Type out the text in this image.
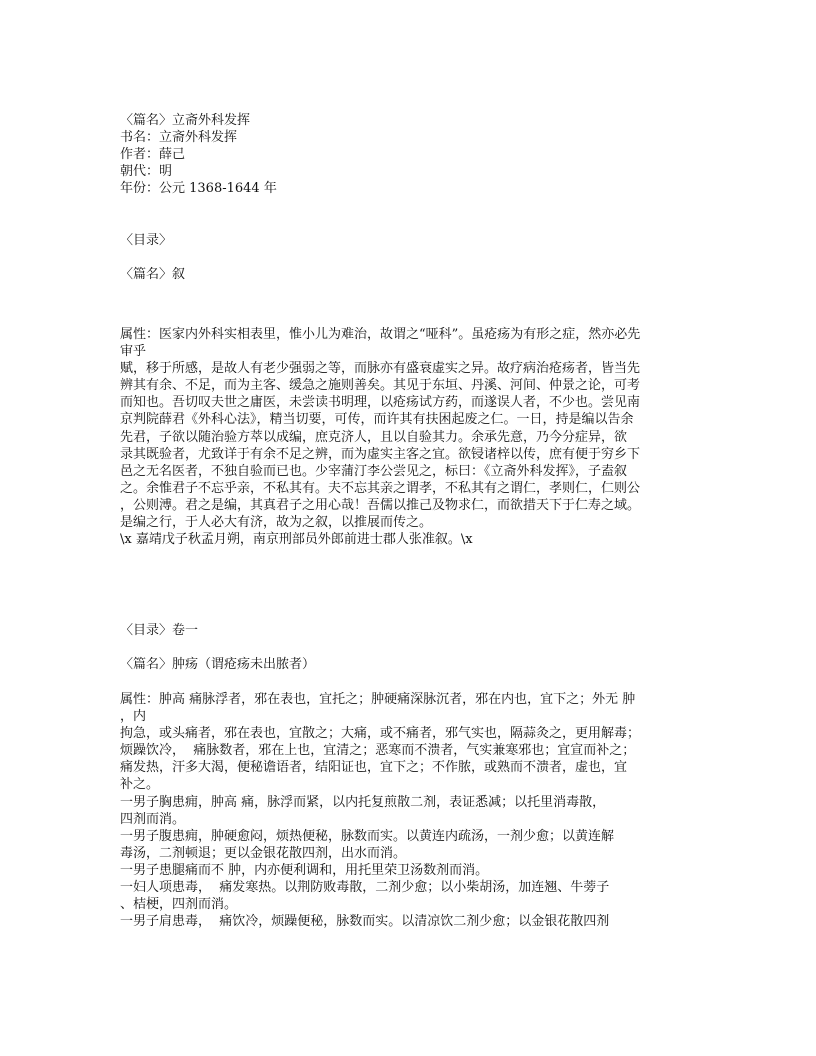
〈篇名〉立斋外科发挥
书名：立斋外科发挥
作者：薛己
朝代：明
年份：公元 1368-1644 年
〈目录〉
〈篇名〉叙
属性：医家内外科实相表里，惟小儿为难治，故谓之“哑科”。虽疮疡为有形之症，然亦必先
审乎
赋，移于所感，是故人有老少强弱之等，而脉亦有盛衰虚实之异。故疗病治疮疡者，皆当先
辨其有余、不足，而为主客、缓急之施则善矣。其见于东垣、丹溪、河间、仲景之论，可考
而知也。吾切叹夫世之庸医，未尝读书明理，以疮疡试方药，而遂误人者，不少也。尝见南
京判院薛君《外科心法》，精当切要，可传，而许其有扶困起废之仁。一日，持是编以告余
先君，子欲以随治验方萃以成编，庶克济人，且以自验其力。余承先意，乃今分症异，欲
录其既验者，尤致详于有余不足之辨，而为虚实主客之宜。欲锓诸梓以传，庶有便于穷乡下
邑之无名医者，不独自验而已也。少宰蒲汀李公尝见之，标曰：《立斋外科发挥》，子盍叙
之。余惟君子不忘乎亲，不私其有。夫不忘其亲之谓孝，不私其有之谓仁，孝则仁，仁则公
，公则溥。君之是编，其真君子之用心哉！吾儒以推己及物求仁，而欲措天下于仁寿之域。
是编之行，于人必大有济，故为之叙，以推展而传之。
\x 嘉靖戊子秋孟月朔，南京刑部员外郎前进士郡人张准叙。\x
〈目录〉卷一
〈篇名〉肿疡（谓疮疡未出脓者）
属性：肿高 痛脉浮者，邪在表也，宜托之；肿硬痛深脉沉者，邪在内也，宜下之；外无 肿
，内
拘急，或头痛者，邪在表也，宜散之；大痛，或不痛者，邪气实也，隔蒜灸之，更用解毒；
烦躁饮冷，  痛脉数者，邪在上也，宜清之；恶寒而不溃者，气实兼寒邪也；宜宣而补之；
痛发热，汗多大渴，便秘谵语者，结阳证也，宜下之；不作脓，或熟而不溃者，虚也，宜
补之。
一男子胸患痈，肿高 痛，脉浮而紧，以内托复煎散二剂，表证悉减；以托里消毒散，
四剂而消。
一男子腹患痈，肿硬愈闷，烦热便秘，脉数而实。以黄连内疏汤，一剂少愈；以黄连解
毒汤，二剂顿退；更以金银花散四剂，出水而消。
一男子患腿痛而不 肿，内亦便利调和，用托里荣卫汤数剂而消。
一妇人项患毒，  痛发寒热。以荆防败毒散，二剂少愈；以小柴胡汤，加连翘、牛蒡子
、桔梗，四剂而消。
一男子肩患毒，  痛饮冷，烦躁便秘，脉数而实。以清凉饮二剂少愈；以金银花散四剂
